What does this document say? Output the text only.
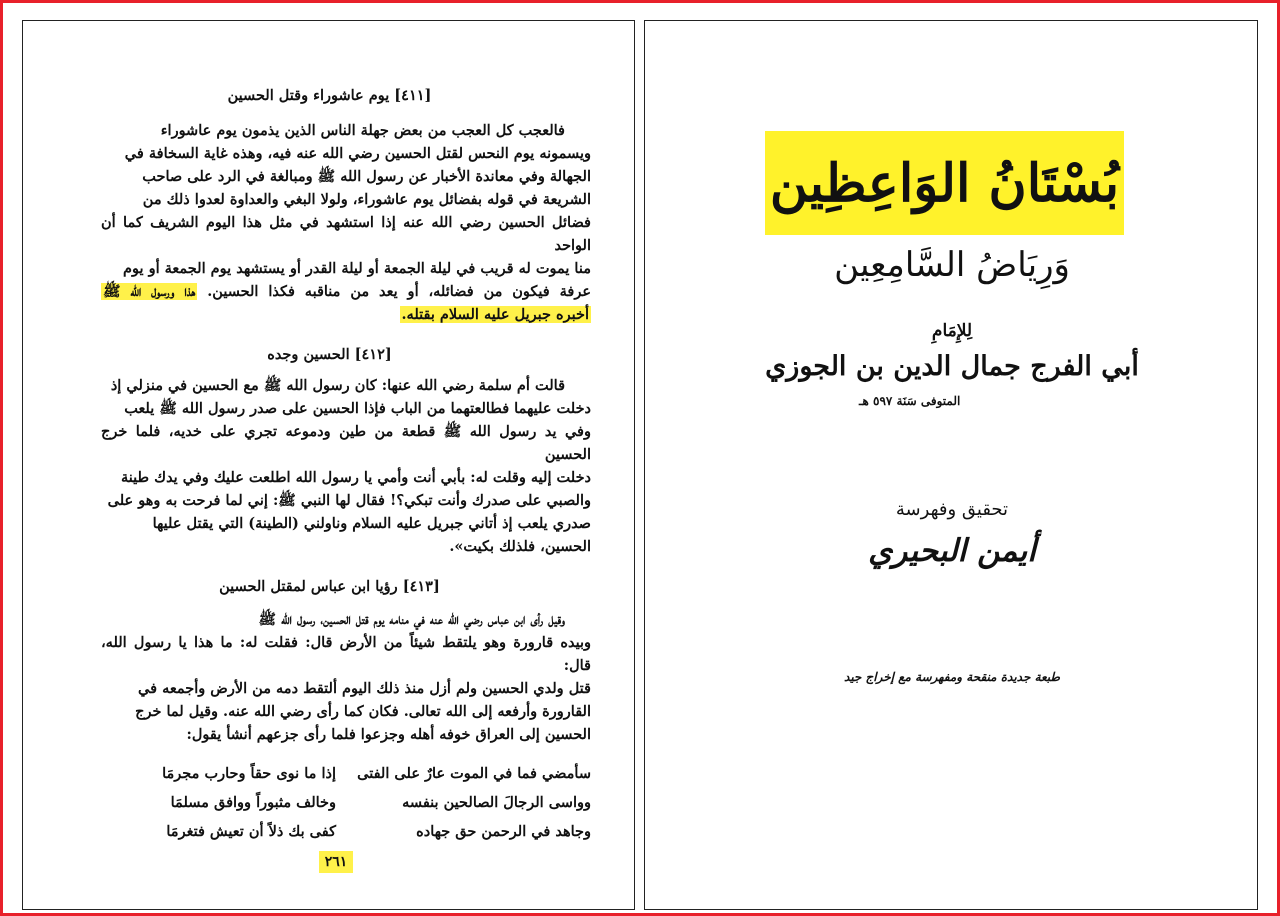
[٤١١] يوم عاشوراء وقتل الحسين
فالعجب كل العجب من بعض جهلة الناس الذين يذمون يوم عاشوراء
ويسمونه يوم النحس لقتل الحسين رضي الله عنه فيه، وهذه غاية السخافة في
الجهالة وفي معاندة الأخبار عن رسول الله ﷺ ومبالغة في الرد على صاحب
الشريعة في قوله بفضائل يوم عاشوراء، ولولا البغي والعداوة لعدوا ذلك من
فضائل الحسين رضي الله عنه إذا استشهد في مثل هذا اليوم الشريف كما أن الواحد
منا يموت له قريب في ليلة الجمعة أو ليلة القدر أو يستشهد يوم الجمعة أو يوم
عرفة فيكون من فضائله، أو يعد من مناقبه فكذا الحسين. هذا ورسول الله ﷺ
أخبره جبريل عليه السلام بقتله.
[٤١٢] الحسين وجده
قالت أم سلمة رضي الله عنها: كان رسول الله ﷺ مع الحسين في منزلي إذ
دخلت عليهما فطالعتهما من الباب فإذا الحسين على صدر رسول الله ﷺ يلعب
وفي يد رسول الله ﷺ قطعة من طين ودموعه تجري على خديه، فلما خرج الحسين
دخلت إليه وقلت له: بأبي أنت وأمي يا رسول الله اطلعت عليك وفي يدك طينة
والصبي على صدرك وأنت تبكي؟! فقال لها النبي ﷺ: إني لما فرحت به وهو على
صدري يلعب إذ أتاني جبريل عليه السلام وناولني (الطينة) التي يقتل عليها
الحسين، فلذلك بكيت».
[٤١٣] رؤيا ابن عباس لمقتل الحسين
وقيل رأى ابن عباس رضي الله عنه في منامه يوم قتل الحسين، رسول الله ﷺ
وبيده قارورة وهو يلتقط شيئاً من الأرض قال: فقلت له: ما هذا يا رسول الله، قال:
قتل ولدي الحسين ولم أزل منذ ذلك اليوم ألتقط دمه من الأرض وأجمعه في
القارورة وأرفعه إلى الله تعالى. فكان كما رأى رضي الله عنه. وقيل لما خرج
الحسين إلى العراق خوفه أهله وجزعوا فلما رأى جزعهم أنشأ يقول:
سأمضي فما في الموت عارٌ على الفتى
إذا ما نوى حقاً وحارب مجرمَا
وواسى الرجالَ الصالحين بنفسه
وخالف مثبوراً ووافق مسلمَا
وجاهد في الرحمن حق جهاده
كفى بك ذلاً أن تعيش فتغرمَا
٢٦١
بُسْتَانُ الوَاعِظِين
وَرِيَاضُ السَّامِعِين
لِلإِمَامِ
أبي الفرج جمال الدين بن الجوزي
المتوفى سَنَة ٥٩٧ هـ
تحقيق وفهرسة
أيمن البحيري
طبعة جديدة منقحة ومفهرسة مع إخراج جيد
